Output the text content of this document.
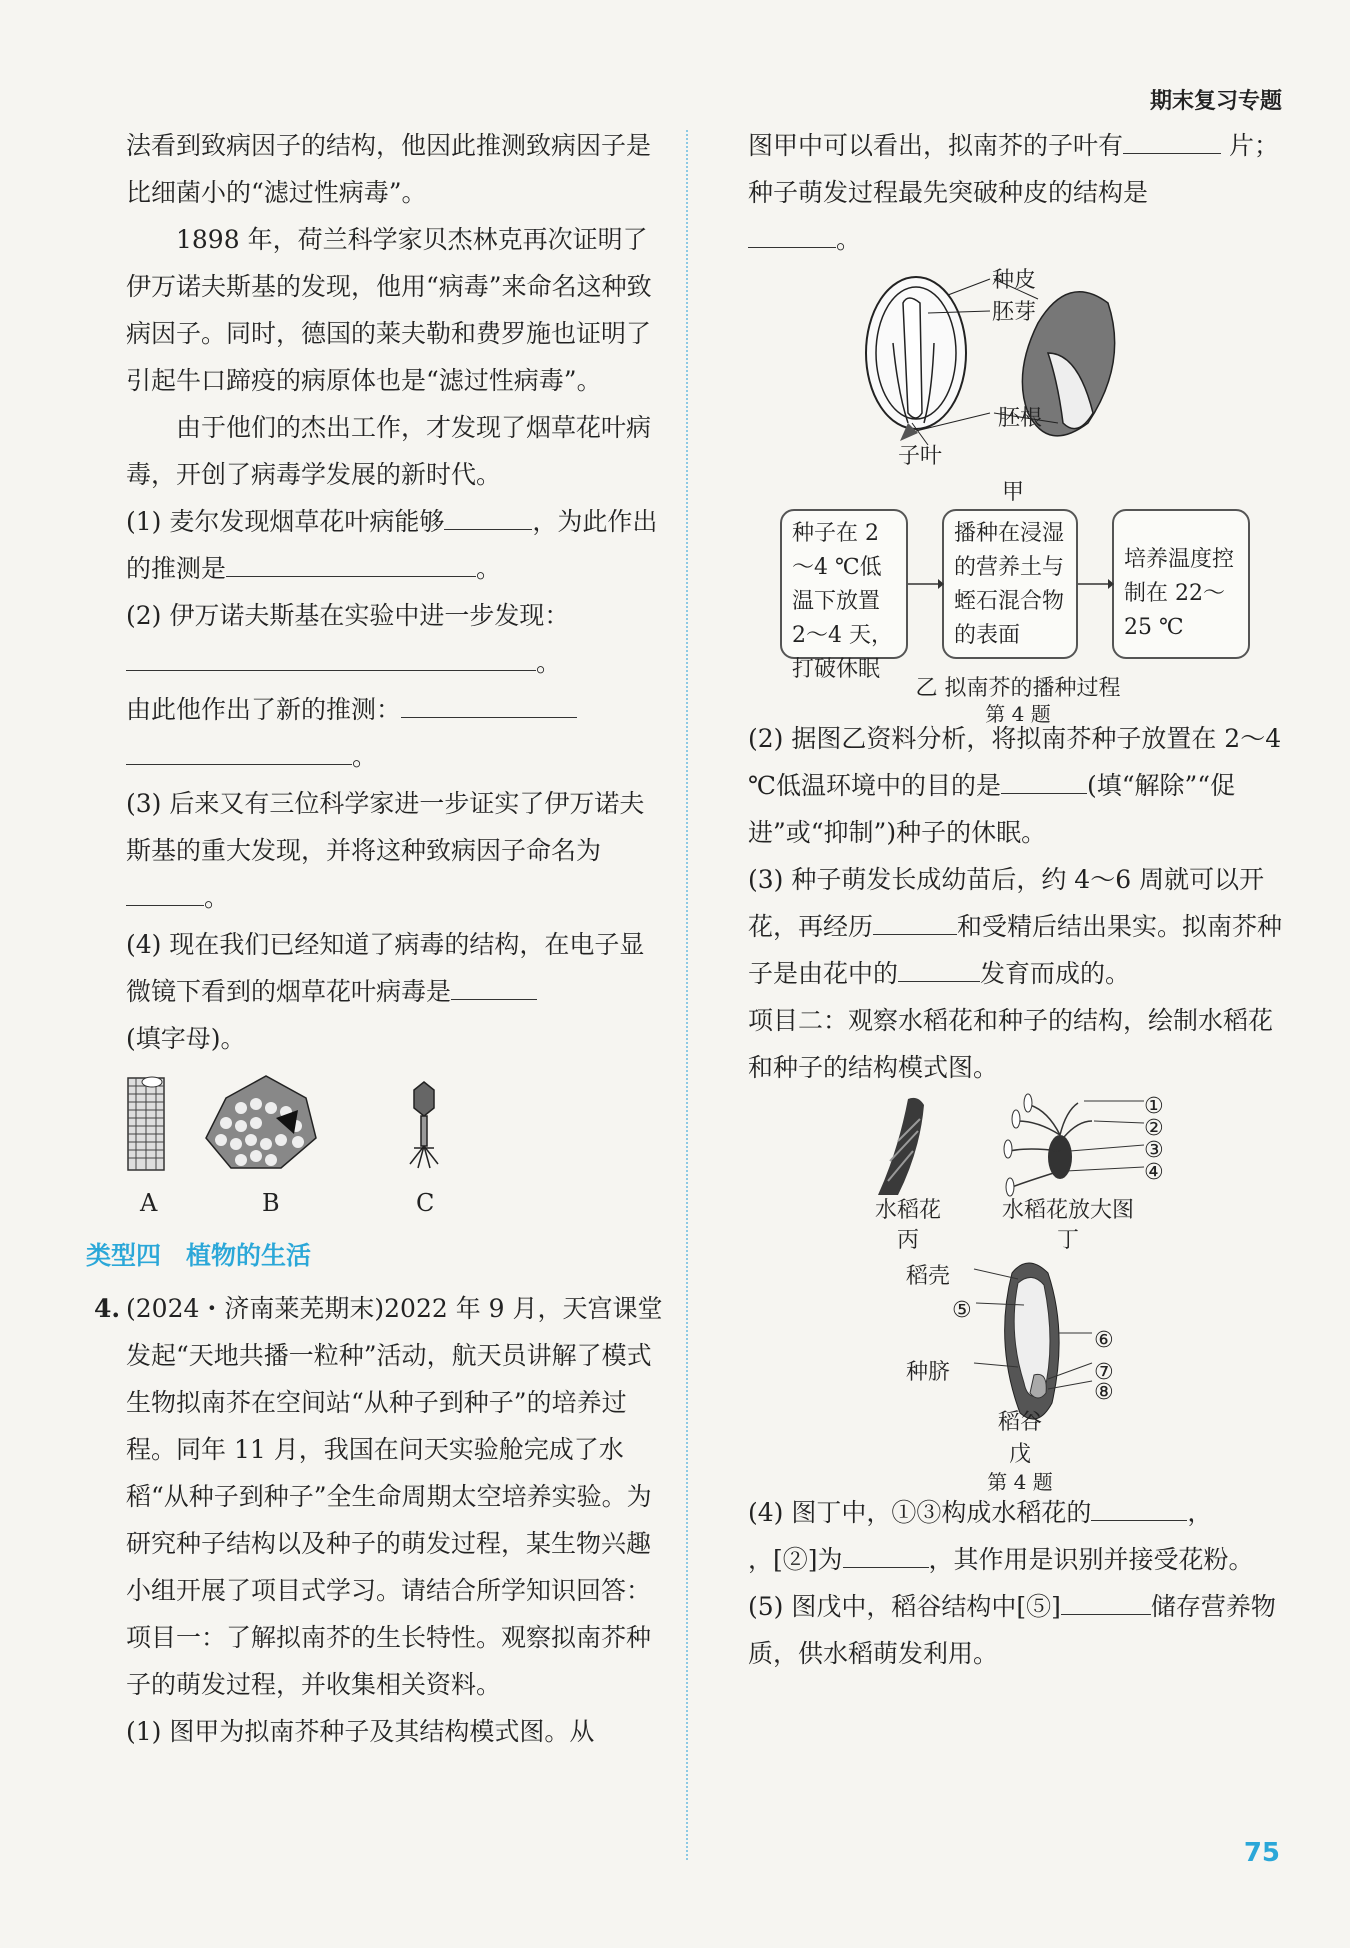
期末复习专题

法看到致病因子的结构，他因此推测致病因子是比细菌小的“滤过性病毒”。

1898 年，荷兰科学家贝杰林克再次证明了伊万诺夫斯基的发现，他用“病毒”来命名这种致病因子。同时，德国的莱夫勒和费罗施也证明了引起牛口蹄疫的病原体也是“滤过性病毒”。

由于他们的杰出工作，才发现了烟草花叶病毒，开创了病毒学发展的新时代。

(1) 麦尔发现烟草花叶病能够	，为此作出的推测是	。

(2) 伊万诺夫斯基在实验中进一步发现：
。
由此他作出了新的推测：
。

(3) 后来又有三位科学家进一步证实了伊万诺夫斯基的重大发现，并将这种致病因子命名为。

(4) 现在我们已经知道了病毒的结构，在电子显微镜下看到的烟草花叶病毒是
(填字母)。

A	B	C
类型四　植物的生活

4. (2024・济南莱芜期末)2022 年 9 月，天宫课堂发起“天地共播一粒种”活动，航天员讲解了模式生物拟南芥在空间站“从种子到种子”的培养过程。同年 11 月，我国在问天实验舱完成了水稻“从种子到种子”全生命周期太空培养实验。为研究种子结构以及种子的萌发过程，某生物兴趣小组开展了项目式学习。请结合所学知识回答：

项目一：了解拟南芥的生长特性。观察拟南芥种子的萌发过程，并收集相关资料。

(1) 图甲为拟南芥种子及其结构模式图。从

图甲中可以看出，拟南芥的子叶有	片；种子萌发过程最先突破种皮的结构是
。

种皮
胚芽
胚根
子叶
甲
种子在 2～4 ℃低温下放置 2～4 天，打破休眠
播种在浸湿的营养土与蛭石混合物的表面
培养温度控制在 22～25 ℃
乙 拟南芥的播种过程
第 4 题

(2) 据图乙资料分析，将拟南芥种子放置在 2～4 ℃低温环境中的目的是	(填“解除”“促进”或“抑制”)种子的休眠。

(3) 种子萌发长成幼苗后，约 4～6 周就可以开花，再经历	和受精后结出果实。拟南芥种子是由花中的	发育而成的。

项目二：观察水稻花和种子的结构，绘制水稻花和种子的结构模式图。

①
②
③
④
水稻花
丙
水稻花放大图
丁
稻壳
⑤
⑥
种脐	⑦
⑧
稻谷
戊
第 4 题

(4) 图丁中，①③构成水稻花的	，
，[②]为	，其作用是识别并接受花粉。

(5) 图戊中，稻谷结构中[⑤]	储存营养物质，供水稻萌发利用。

75
